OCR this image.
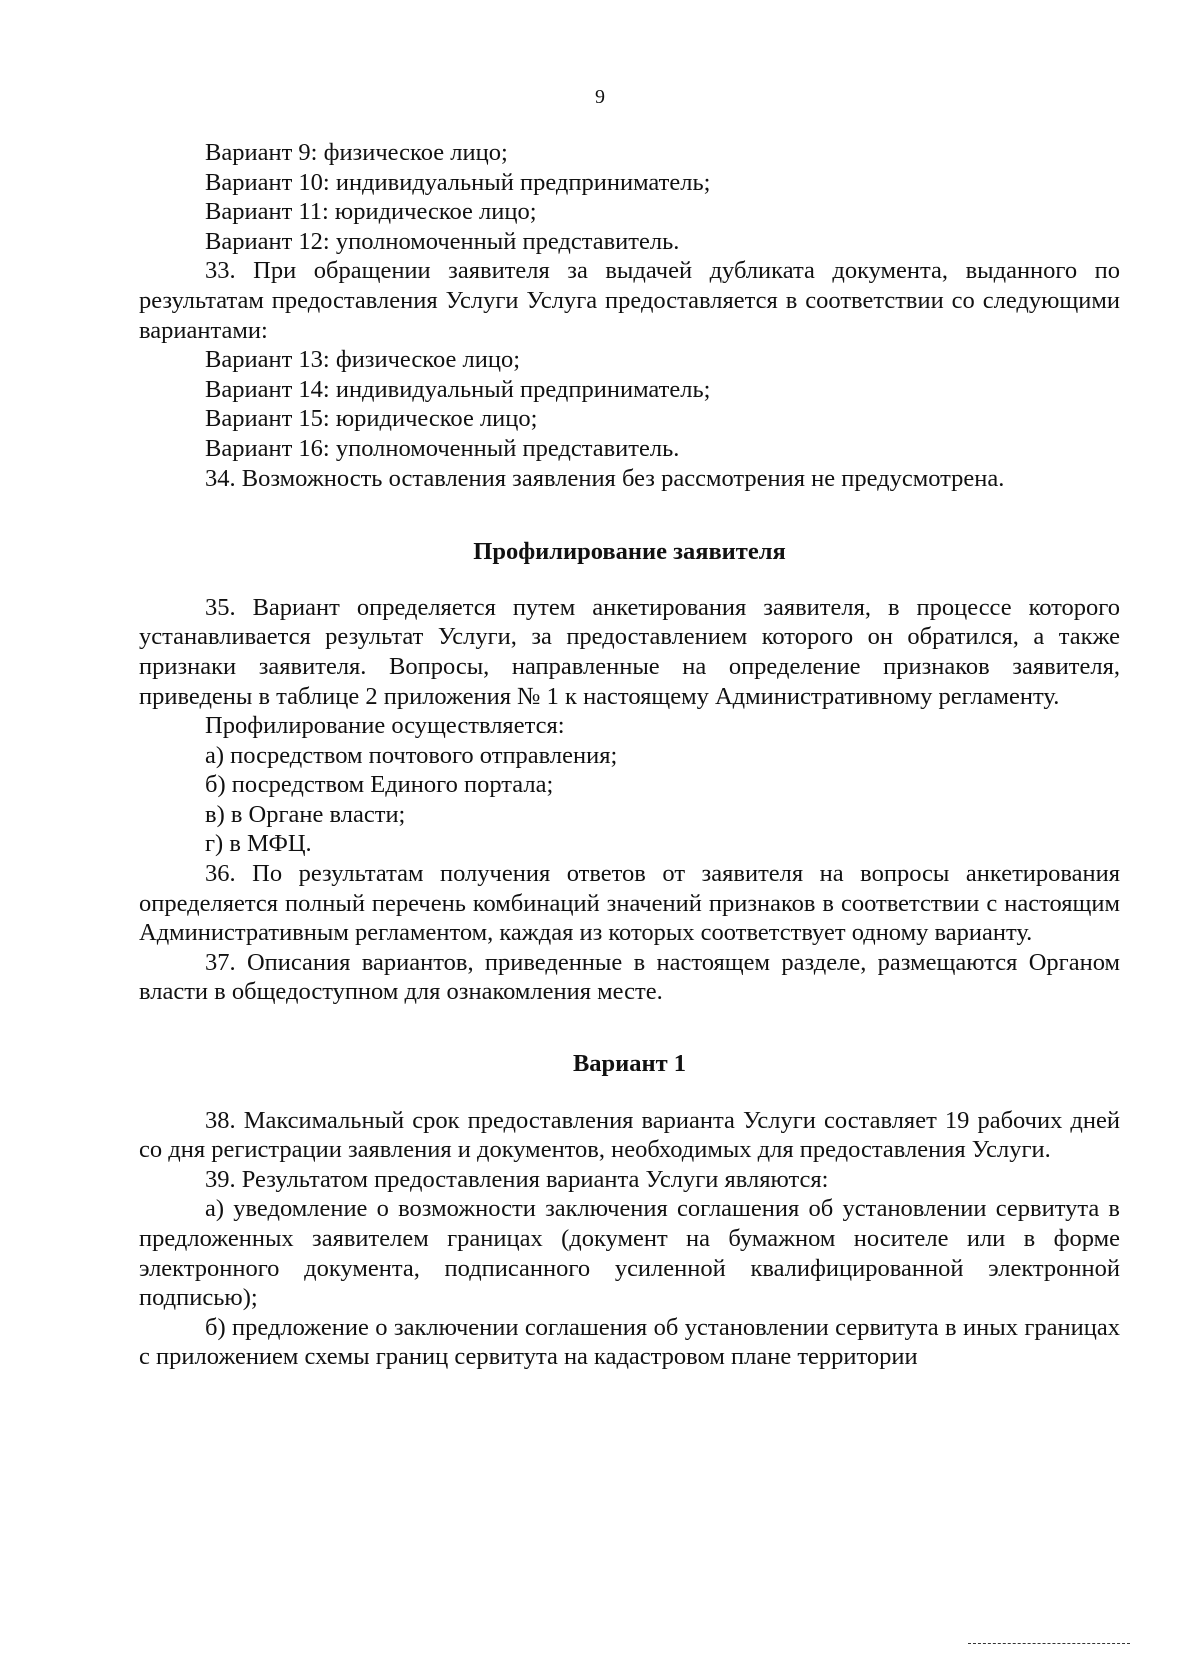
9

Вариант 9: физическое лицо;

Вариант 10: индивидуальный предприниматель;

Вариант 11: юридическое лицо;

Вариант 12: уполномоченный представитель.

33. При обращении заявителя за выдачей дубликата документа, выданного по результатам предоставления Услуги Услуга предоставляется в соответствии со следующими вариантами:

Вариант 13: физическое лицо;

Вариант 14: индивидуальный предприниматель;

Вариант 15: юридическое лицо;

Вариант 16: уполномоченный представитель.

34. Возможность оставления заявления без рассмотрения не предусмотрена.

Профилирование заявителя

35. Вариант определяется путем анкетирования заявителя, в процессе которого устанавливается результат Услуги, за предоставлением которого он обратился, а также признаки заявителя. Вопросы, направленные на определение признаков заявителя, приведены в таблице 2 приложения № 1 к настоящему Административному регламенту.

Профилирование осуществляется:

а) посредством почтового отправления;

б) посредством Единого портала;

в) в Органе власти;

г) в МФЦ.

36. По результатам получения ответов от заявителя на вопросы анкетирования определяется полный перечень комбинаций значений признаков в соответствии с настоящим Административным регламентом, каждая из которых соответствует одному варианту.

37. Описания вариантов, приведенные в настоящем разделе, размещаются Органом власти в общедоступном для ознакомления месте.

Вариант 1

38. Максимальный срок предоставления варианта Услуги составляет 19 рабочих дней со дня регистрации заявления и документов, необходимых для предоставления Услуги.

39. Результатом предоставления варианта Услуги являются:

а) уведомление о возможности заключения соглашения об установлении сервитута в предложенных заявителем границах (документ на бумажном носителе или в форме электронного документа, подписанного усиленной квалифицированной электронной подписью);

б) предложение о заключении соглашения об установлении сервитута в иных границах с приложением схемы границ сервитута на кадастровом плане территории
